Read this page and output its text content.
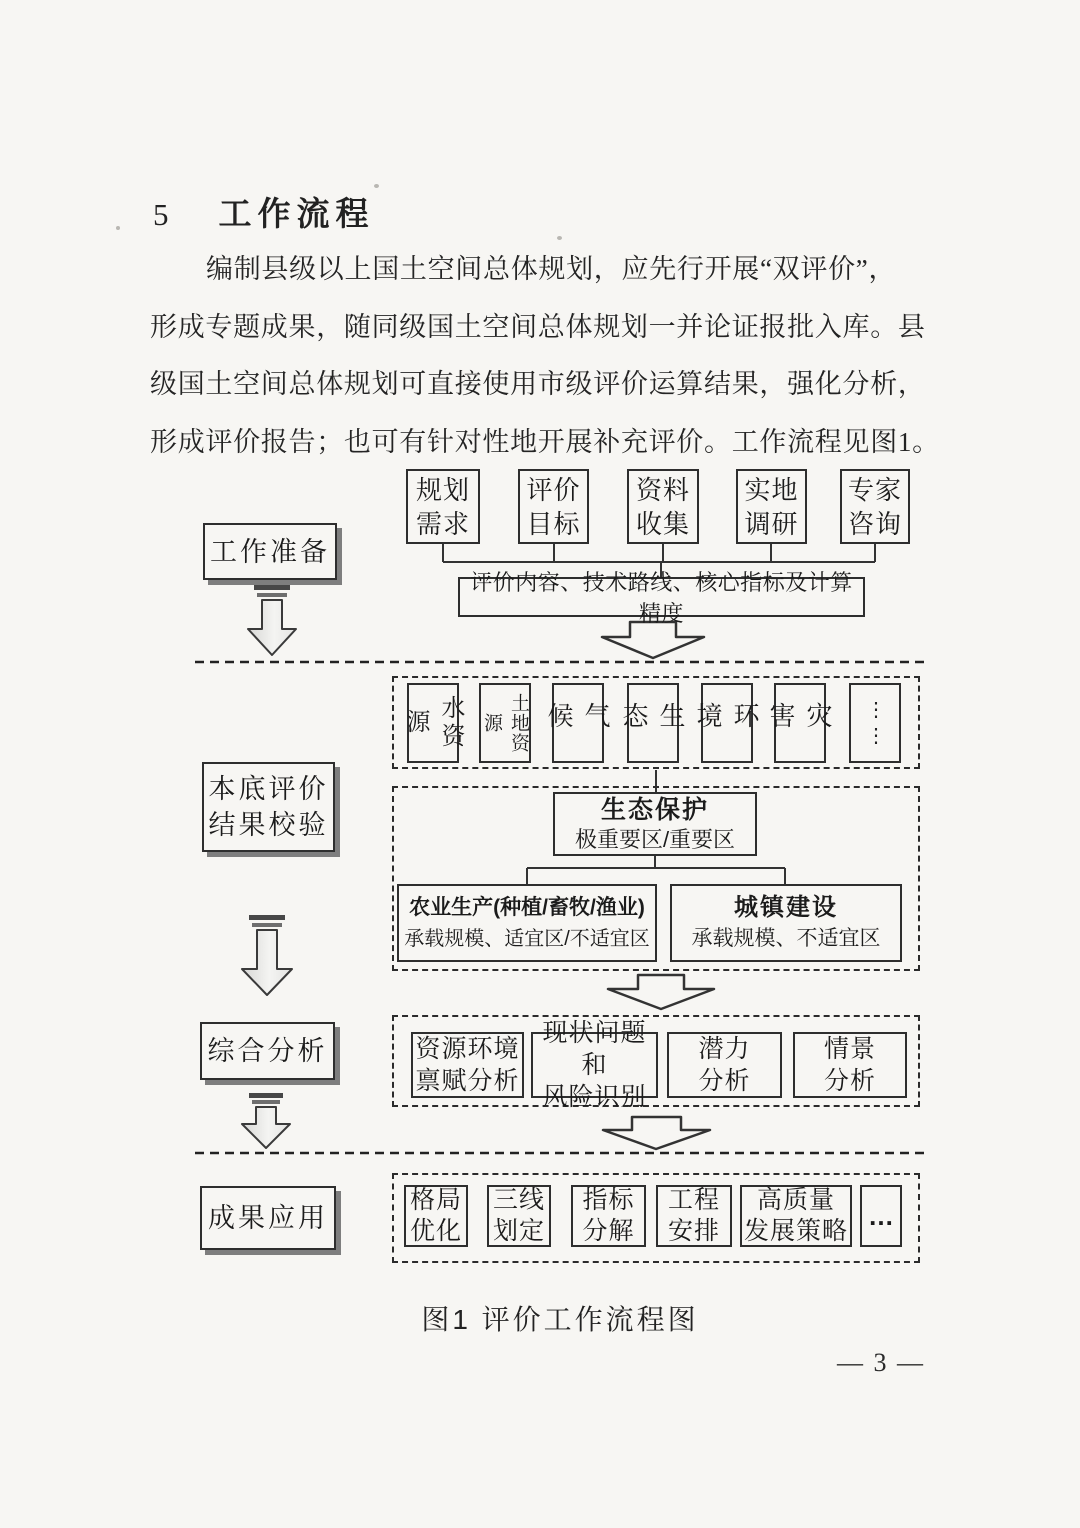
5 工作流程
编制县级以上国土空间总体规划，应先行开展“双评价”，
形成专题成果，随同级国土空间总体规划一并论证报批入库。县
级国土空间总体规划可直接使用市级评价运算结果，强化分析，
形成评价报告；也可有针对性地开展补充评价。工作流程见图1。
工作准备
本底评价
结果校验
综合分析
成果应用
规划
需求
评价
目标
资料
收集
实地
调研
专家
咨询
评价内容、技术路线、核心指标及计算精度
水资源	土地资源	气候	生态	环境	灾害	⋮⋮
生态保护
极重要区/重要区
农业生产(种植/畜牧/渔业)
承载规模、适宜区/不适宜区
城镇建设
承载规模、不适宜区
资源环境
禀赋分析
现状问题和
风险识别
潜力
分析
情景
分析
格局
优化
三线
划定
指标
分解
工程
安排
高质量
发展策略
…
图1 评价工作流程图
— 3 —
